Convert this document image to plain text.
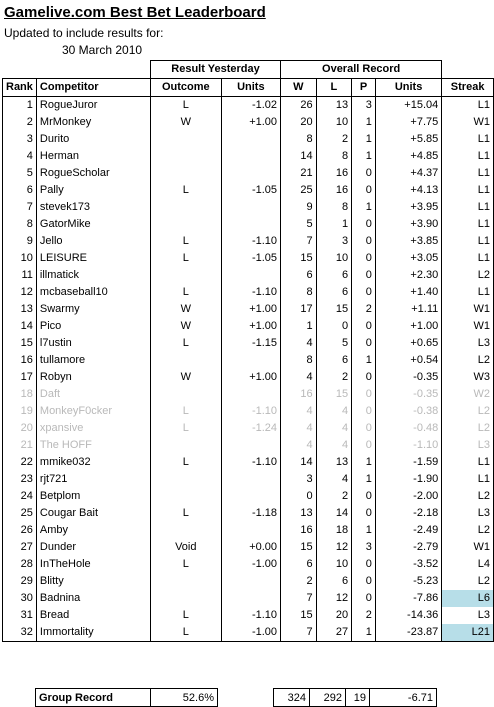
Gamelive.com Best Bet Leaderboard
Updated to include results for:
30 March 2010
		Result Yesterday		Overall Record				
Rank	Competitor	Outcome	Units	W	L	P	Units	Streak
1	RogueJuror	L	-1.02	26	13	3	+15.04	L1
2	MrMonkey	W	+1.00	20	10	1	+7.75	W1
3	Durito			8	2	1	+5.85	L1
4	Herman			14	8	1	+4.85	L1
5	RogueScholar			21	16	0	+4.37	L1
6	Pally	L	-1.05	25	16	0	+4.13	L1
7	stevek173			9	8	1	+3.95	L1
8	GatorMike			5	1	0	+3.90	L1
9	Jello	L	-1.10	7	3	0	+3.85	L1
10	LEISURE	L	-1.05	15	10	0	+3.05	L1
11	illmatick			6	6	0	+2.30	L2
12	mcbaseball10	L	-1.10	8	6	0	+1.40	L1
13	Swarmy	W	+1.00	17	15	2	+1.11	W1
14	Pico	W	+1.00	1	0	0	+1.00	W1
15	l7ustin	L	-1.15	4	5	0	+0.65	L3
16	tullamore			8	6	1	+0.54	L2
17	Robyn	W	+1.00	4	2	0	-0.35	W3
18	Daft			16	15	0	-0.35	W2
19	MonkeyF0cker	L	-1.10	4	4	0	-0.38	L2
20	xpansive	L	-1.24	4	4	0	-0.48	L2
21	The HOFF			4	4	0	-1.10	L3
22	mmike032	L	-1.10	14	13	1	-1.59	L1
23	rjt721			3	4	1	-1.90	L1
24	Betplom			0	2	0	-2.00	L2
25	Cougar Bait	L	-1.18	13	14	0	-2.18	L3
26	Amby			16	18	1	-2.49	L2
27	Dunder	Void	+0.00	15	12	3	-2.79	W1
28	InTheHole	L	-1.00	6	10	0	-3.52	L4
29	Blitty			2	6	0	-5.23	L2
30	Badnina			7	12	0	-7.86	L6
31	Bread	L	-1.10	15	20	2	-14.36	L3
32	Immortality	L	-1.00	7	27	1	-23.87	L21
Group Record	52.6%		324	292	19	-6.71
